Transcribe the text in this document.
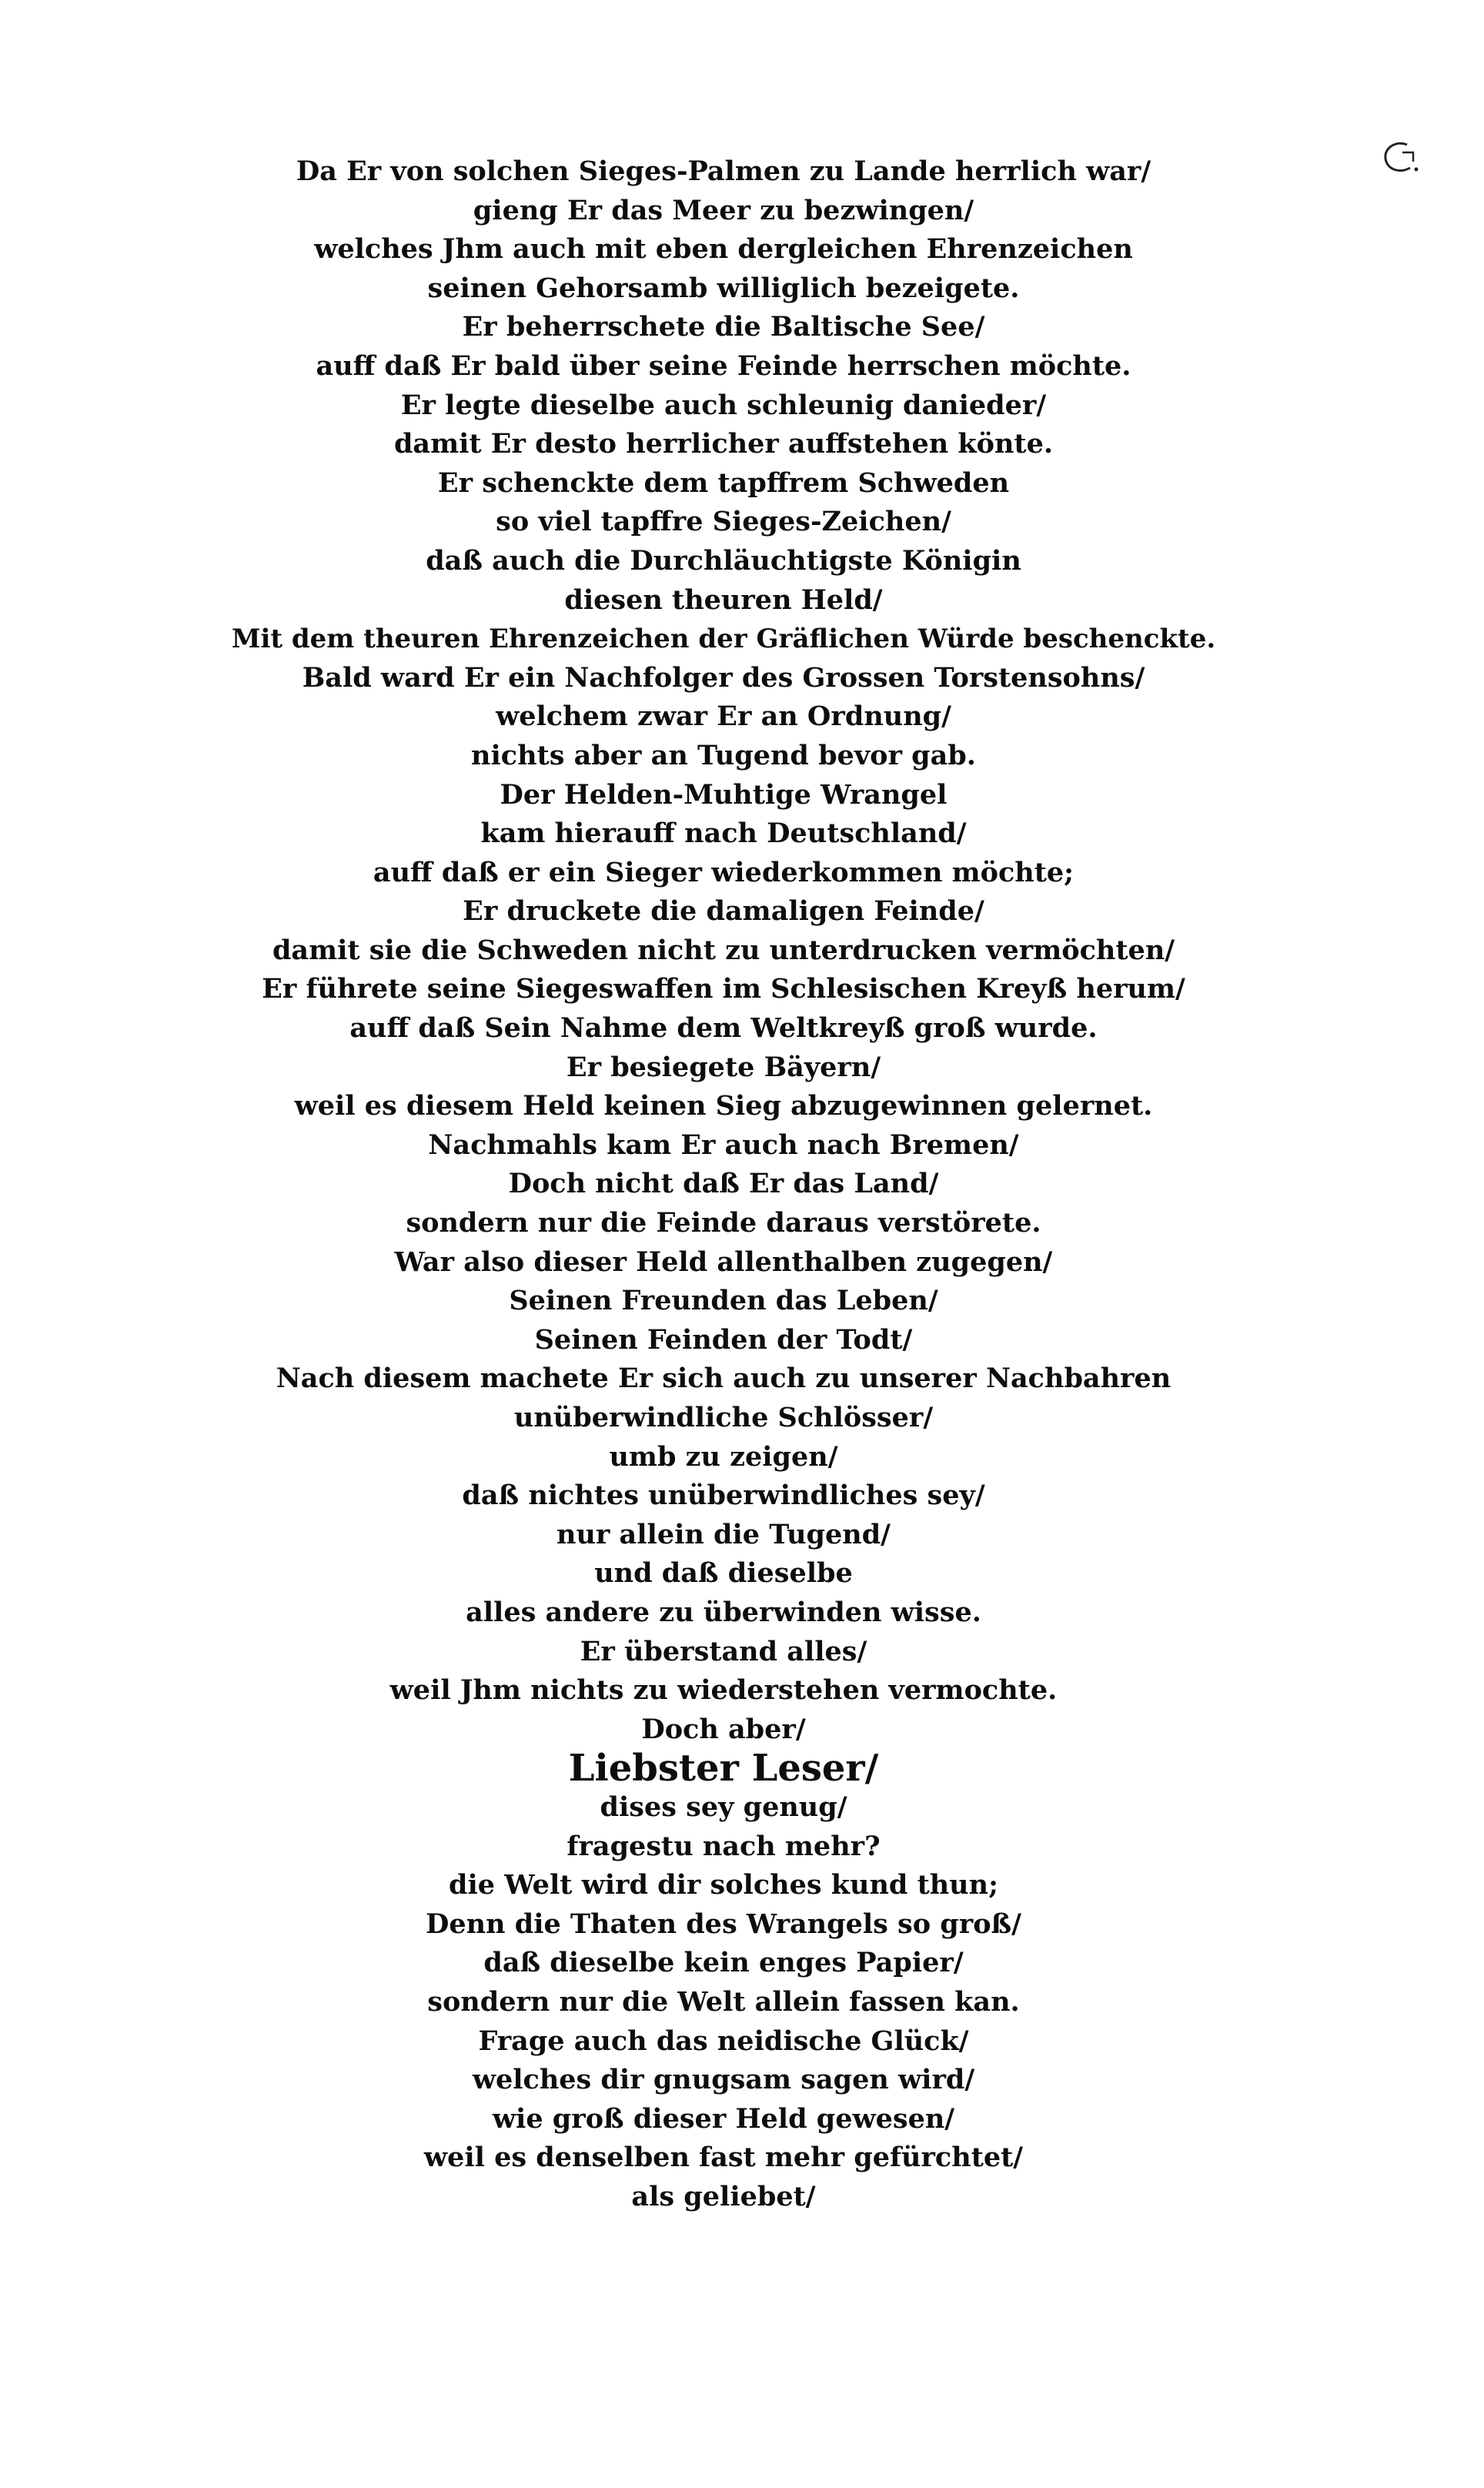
Da Er von solchen Sieges-Palmen zu Lande herrlich war/
gieng Er das Meer zu bezwingen/
welches Jhm auch mit eben dergleichen Ehrenzeichen
seinen Gehorsamb williglich bezeigete.
Er beherrschete die Baltische See/
auff daß Er bald über seine Feinde herrschen möchte.
Er legte dieselbe auch schleunig danieder/
damit Er desto herrlicher auffstehen könte.
Er schenckte dem tapffrem Schweden
so viel tapffre Sieges-Zeichen/
daß auch die Durchläuchtigste Königin
diesen theuren Held/
Mit dem theuren Ehrenzeichen der Gräflichen Würde beschenckte.
Bald ward Er ein Nachfolger des Grossen Torstensohns/
welchem zwar Er an Ordnung/
nichts aber an Tugend bevor gab.
Der Helden-Muhtige Wrangel
kam hierauff nach Deutschland/
auff daß er ein Sieger wiederkommen möchte;
Er druckete die damaligen Feinde/
damit sie die Schweden nicht zu unterdrucken vermöchten/
Er führete seine Siegeswaffen im Schlesischen Kreyß herum/
auff daß Sein Nahme dem Weltkreyß groß wurde.
Er besiegete Bäyern/
weil es diesem Held keinen Sieg abzugewinnen gelernet.
Nachmahls kam Er auch nach Bremen/
Doch nicht daß Er das Land/
sondern nur die Feinde daraus verstörete.
War also dieser Held allenthalben zugegen/
Seinen Freunden das Leben/
Seinen Feinden der Todt/
Nach diesem machete Er sich auch zu unserer Nachbahren
unüberwindliche Schlösser/
umb zu zeigen/
daß nichtes unüberwindliches sey/
nur allein die Tugend/
und daß dieselbe
alles andere zu überwinden wisse.
Er überstand alles/
weil Jhm nichts zu wiederstehen vermochte.
Doch aber/
Liebster Leser/
dises sey genug/
fragestu nach mehr?
die Welt wird dir solches kund thun;
Denn die Thaten des Wrangels so groß/
daß dieselbe kein enges Papier/
sondern nur die Welt allein fassen kan.
Frage auch das neidische Glück/
welches dir gnugsam sagen wird/
wie groß dieser Held gewesen/
weil es denselben fast mehr gefürchtet/
als geliebet/
